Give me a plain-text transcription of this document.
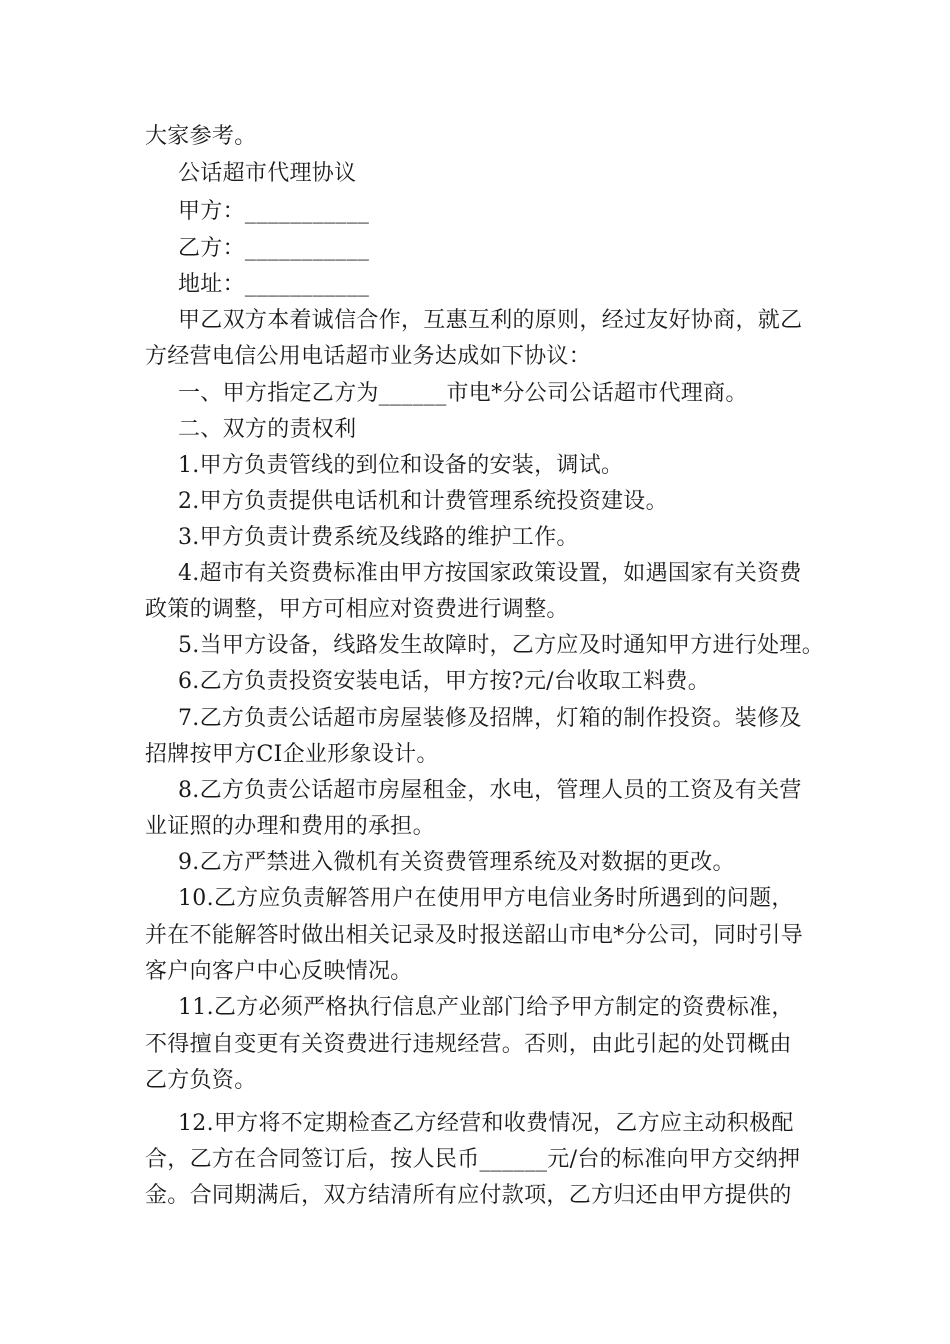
大家参考。
公话超市代理协议
甲方：___________
乙方：___________
地址：___________
甲乙双方本着诚信合作，互惠互利的原则，经过友好协商，就乙
方经营电信公用电话超市业务达成如下协议：
一、甲方指定乙方为______市电*分公司公话超市代理商。
二、双方的责权利
1.甲方负责管线的到位和设备的安装，调试。
2.甲方负责提供电话机和计费管理系统投资建设。
3.甲方负责计费系统及线路的维护工作。
4.超市有关资费标准由甲方按国家政策设置，如遇国家有关资费
政策的调整，甲方可相应对资费进行调整。
5.当甲方设备，线路发生故障时，乙方应及时通知甲方进行处理。
6.乙方负责投资安装电话，甲方按?元/台收取工料费。
7.乙方负责公话超市房屋装修及招牌，灯箱的制作投资。装修及
招牌按甲方CI企业形象设计。
8.乙方负责公话超市房屋租金，水电，管理人员的工资及有关营
业证照的办理和费用的承担。
9.乙方严禁进入微机有关资费管理系统及对数据的更改。
10.乙方应负责解答用户在使用甲方电信业务时所遇到的问题，
并在不能解答时做出相关记录及时报送韶山市电*分公司，同时引导
客户向客户中心反映情况。
11.乙方必须严格执行信息产业部门给予甲方制定的资费标准，
不得擅自变更有关资费进行违规经营。否则，由此引起的处罚概由
乙方负资。
12.甲方将不定期检查乙方经营和收费情况，乙方应主动积极配
合，乙方在合同签订后，按人民币______元/台的标准向甲方交纳押
金。合同期满后，双方结清所有应付款项，乙方归还由甲方提供的
